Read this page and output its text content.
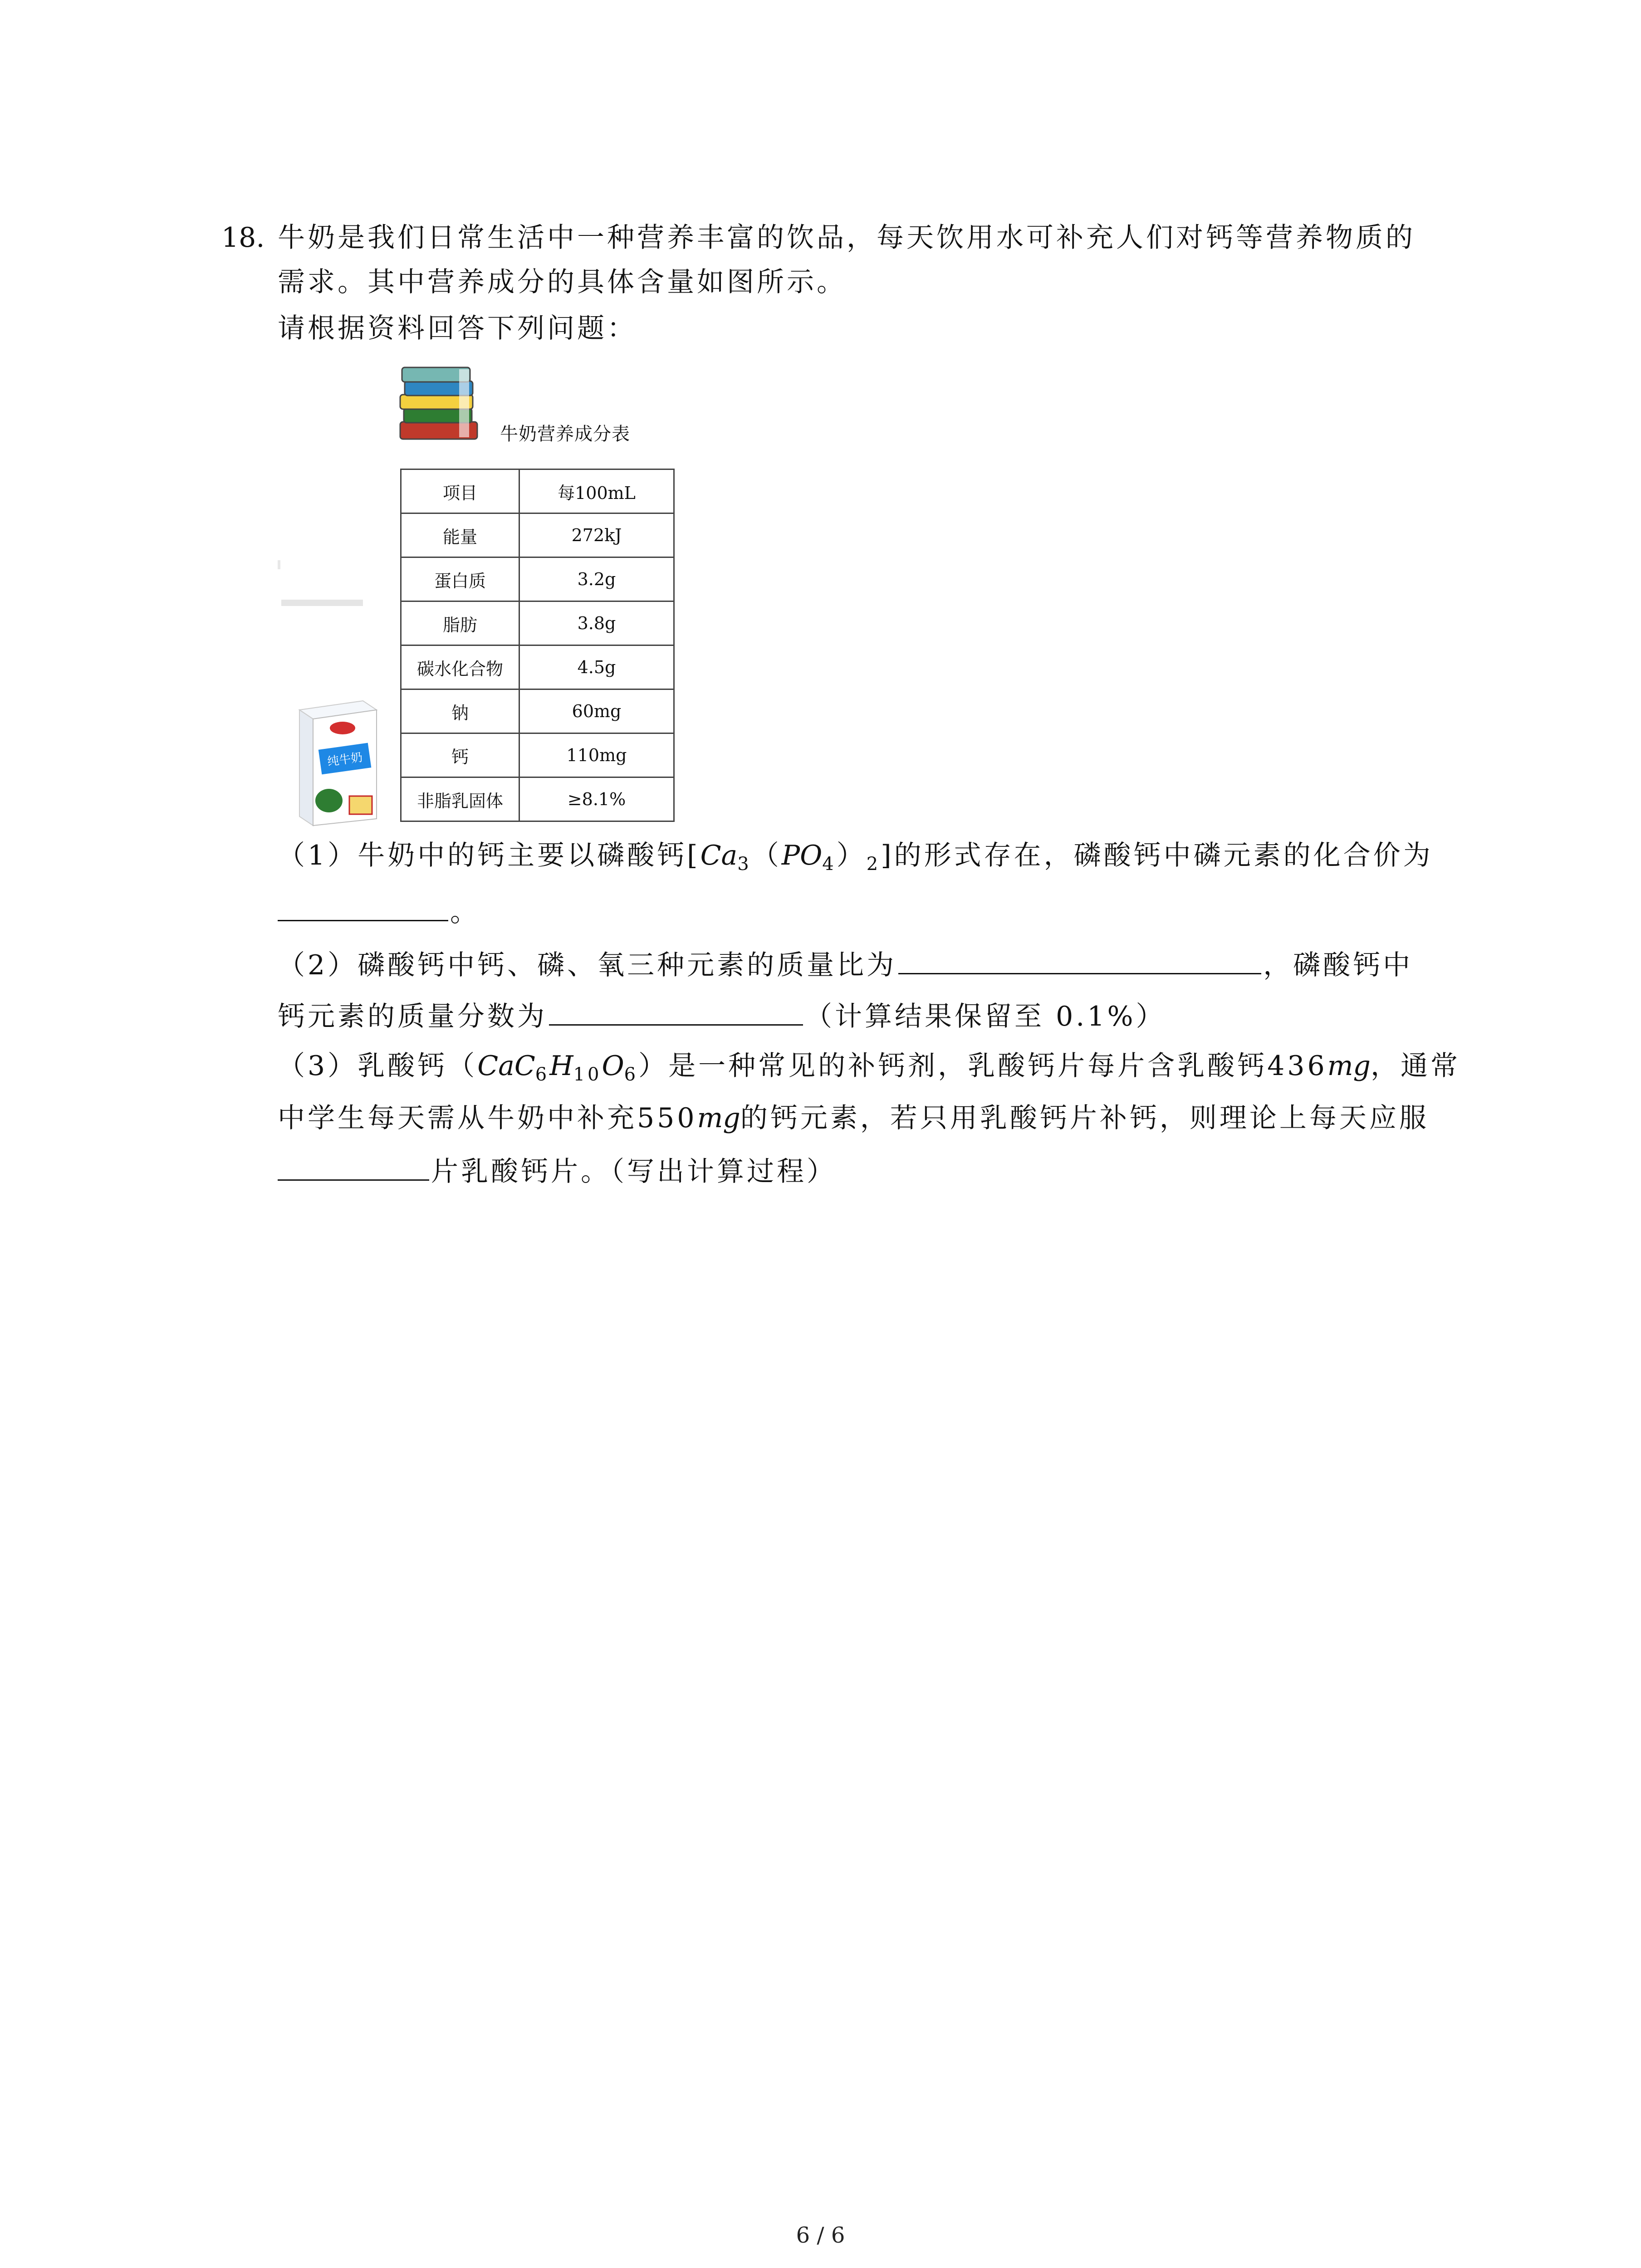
18. 牛奶是我们日常生活中一种营养丰富的饮品，每天饮用水可补充人们对钙等营养物质的
需求。其中营养成分的具体含量如图所示。
请根据资料回答下列问题：
牛奶营养成分表
项目	每100mL
能量	272kJ
蛋白质	3.2g
脂肪	3.8g
碳水化合物	4.5g
钠	60mg
钙	110mg
非脂乳固体	≥8.1%
纯牛奶
（1）牛奶中的钙主要以磷酸钙$[Ca_3(PO_4)_2]$的形式存在，磷酸钙中磷元素的化合价为
。
（2）磷酸钙中钙、磷、氧三种元素的质量比为	，磷酸钙中
钙元素的质量分数为	（计算结果保留至 0.1%）
（3）乳酸钙$(CaC_6H_{10}O_6)$是一种常见的补钙剂，乳酸钙片每片含乳酸钙436mg，通常
中学生每天需从牛奶中补充550mg的钙元素，若只用乳酸钙片补钙，则理论上每天应服
片乳酸钙片。（写出计算过程）
6 / 6
